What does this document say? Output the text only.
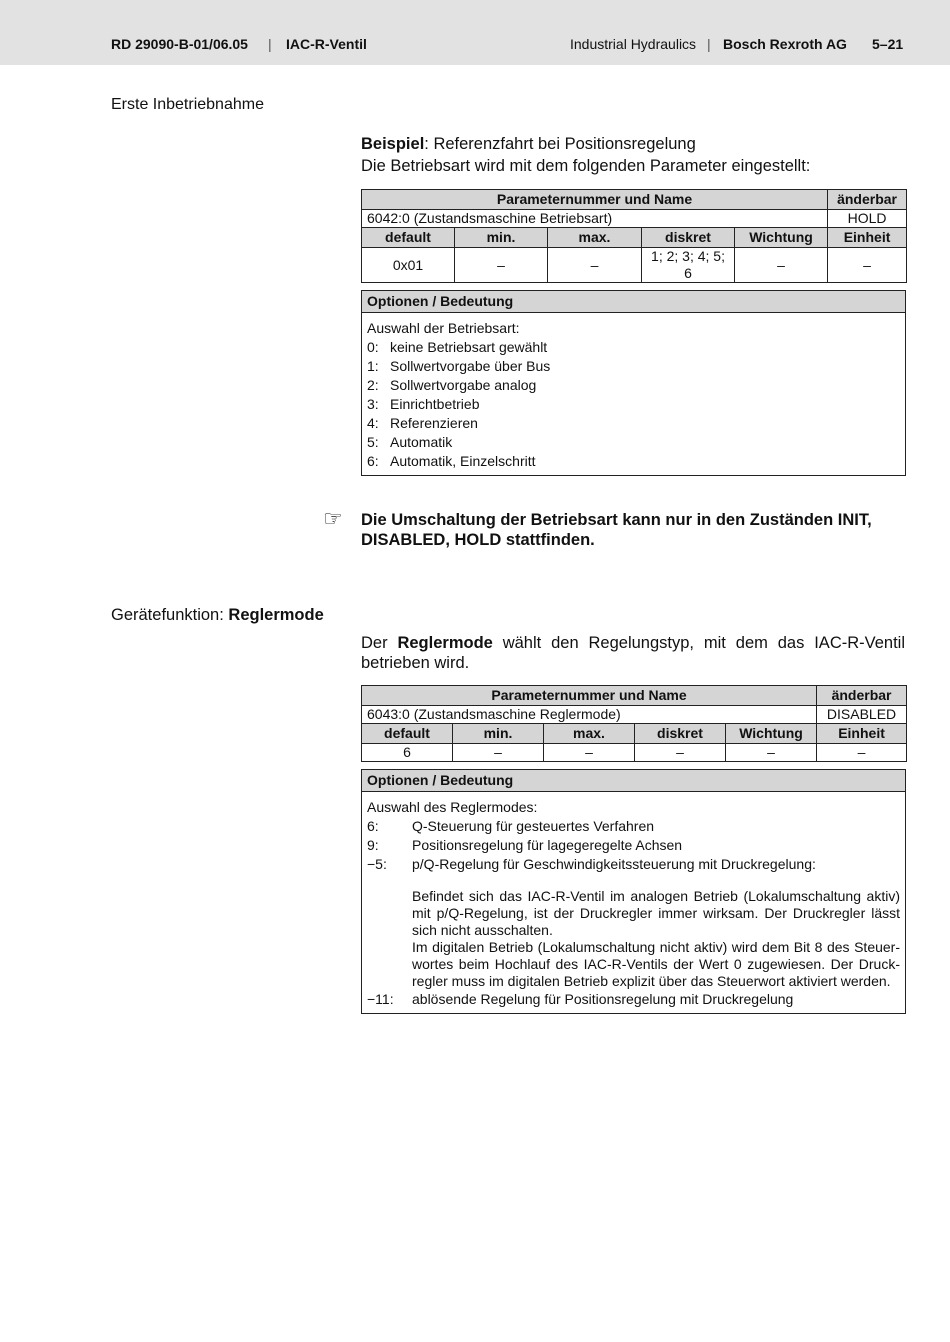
RD 29090-B-01/06.05 | IAC-R-Ventil	Industrial Hydraulics | Bosch Rexroth AG 5–21
Erste Inbetriebnahme
Beispiel: Referenzfahrt bei Positionsregelung
Die Betriebsart wird mit dem folgenden Parameter eingestellt:
Parameternummer und Name					änderbar
6042:0 (Zustandsmaschine Betriebsart)					HOLD
default	min.	max.	diskret	Wichtung	Einheit
0x01	–	–	1; 2; 3; 4; 5; 6	–	–
Optionen / Bedeutung
Auswahl der Betriebsart:
0: keine Betriebsart gewählt
1: Sollwertvorgabe über Bus
2: Sollwertvorgabe analog
3: Einrichtbetrieb
4: Referenzieren
5: Automatik
6: Automatik, Einzelschritt
☞ Die Umschaltung der Betriebsart kann nur in den Zuständen INIT, DISABLED, HOLD stattfinden.
Gerätefunktion: Reglermode
Der Reglermode wählt den Regelungstyp, mit dem das IAC-R-Ventil betrieben wird.
Parameternummer und Name					änderbar
6043:0 (Zustandsmaschine Reglermode)					DISABLED
default	min.	max.	diskret	Wichtung	Einheit
6	–	–	–	–	–
Optionen / Bedeutung
Auswahl des Reglermodes:
6:	Q-Steuerung für gesteuertes Verfahren
9:	Positionsregelung für lagegeregelte Achsen
−5:	p/Q-Regelung für Geschwindigkeitssteuerung mit Druckregelung:
Befindet sich das IAC-R-Ventil im analogen Betrieb (Lokalumschaltung aktiv) mit p/Q-Regelung, ist der Druckregler immer wirksam. Der Druckregler lässt sich nicht ausschalten.
Im digitalen Betrieb (Lokalumschaltung nicht aktiv) wird dem Bit 8 des Steuer-wortes beim Hochlauf des IAC-R-Ventils der Wert 0 zugewiesen. Der Druck-regler muss im digitalen Betrieb explizit über das Steuerwort aktiviert werden.
−11:	ablösende Regelung für Positionsregelung mit Druckregelung
